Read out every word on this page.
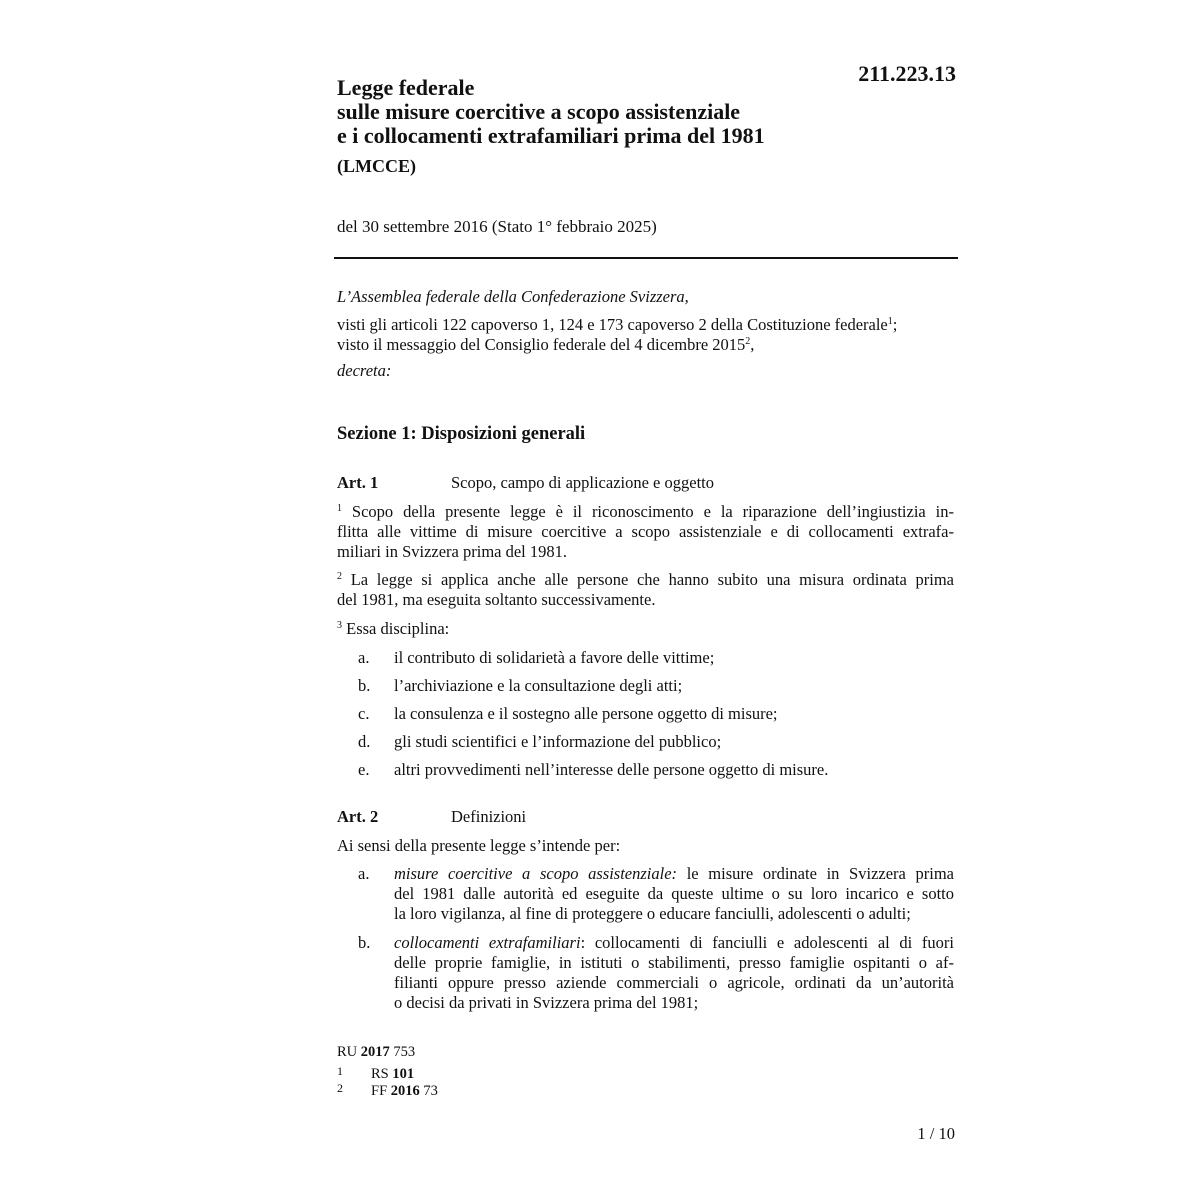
211.223.13
Legge federale
sulle misure coercitive a scopo assistenziale
e i collocamenti extrafamiliari prima del 1981
(LMCCE)
del 30 settembre 2016 (Stato 1° febbraio 2025)
L’Assemblea federale della Confederazione Svizzera,
visti gli articoli 122 capoverso 1, 124 e 173 capoverso 2 della Costituzione federale$^1$;
visto il messaggio del Consiglio federale del 4 dicembre 2015$^2$,
decreta:
Sezione 1: Disposizioni generali
Art. 1	Scopo, campo di applicazione e oggetto
$^1$ Scopo della presente legge è il riconoscimento e la riparazione dell’ingiustizia in-
flitta alle vittime di misure coercitive a scopo assistenziale e di collocamenti extrafa-
miliari in Svizzera prima del 1981.
$^2$ La legge si applica anche alle persone che hanno subito una misura ordinata prima
del 1981, ma eseguita soltanto successivamente.
$^3$ Essa disciplina:
a. il contributo di solidarietà a favore delle vittime;
b. l’archiviazione e la consultazione degli atti;
c. la consulenza e il sostegno alle persone oggetto di misure;
d. gli studi scientifici e l’informazione del pubblico;
e. altri provvedimenti nell’interesse delle persone oggetto di misure.
Art. 2	Definizioni
Ai sensi della presente legge s’intende per:
a. misure coercitive a scopo assistenziale: le misure ordinate in Svizzera prima
del 1981 dalle autorità ed eseguite da queste ultime o su loro incarico e sotto
la loro vigilanza, al fine di proteggere o educare fanciulli, adolescenti o adulti;
b. collocamenti extrafamiliari: collocamenti di fanciulli e adolescenti al di fuori
delle proprie famiglie, in istituti o stabilimenti, presso famiglie ospitanti o af-
filianti oppure presso aziende commerciali o agricole, ordinati da un’autorità
o decisi da privati in Svizzera prima del 1981;
RU 2017 753
1 RS 101
2 FF 2016 73
1 / 10
